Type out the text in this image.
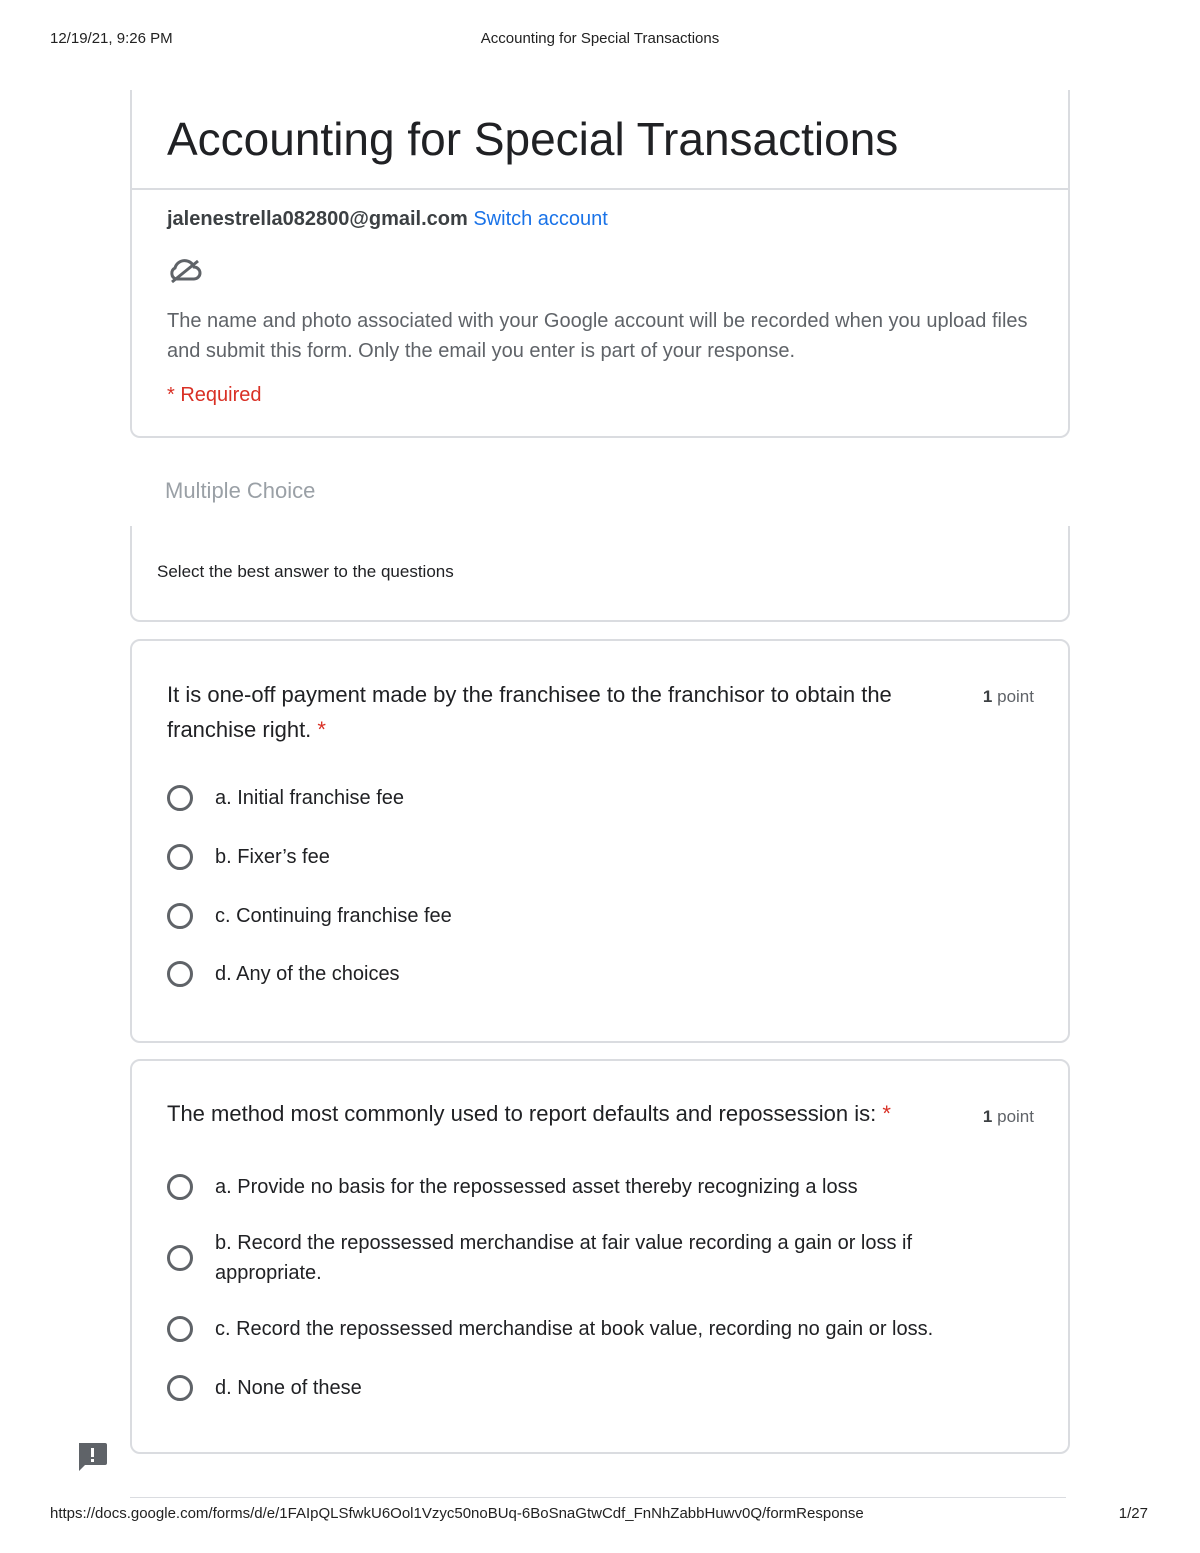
12/19/21, 9:26 PM	Accounting for Special Transactions
Accounting for Special Transactions
jalenestrella082800@gmail.com Switch account
The name and photo associated with your Google account will be recorded when you upload files and submit this form. Only the email you enter is part of your response.
* Required
Multiple Choice
Select the best answer to the questions
It is one-off payment made by the franchisee to the franchisor to obtain the franchise right. *
1 point
a. Initial franchise fee
b. Fixer’s fee
c. Continuing franchise fee
d. Any of the choices
The method most commonly used to report defaults and repossession is: *	1 point
a. Provide no basis for the repossessed asset thereby recognizing a loss
b. Record the repossessed merchandise at fair value recording a gain or loss if appropriate.
c. Record the repossessed merchandise at book value, recording no gain or loss.
d. None of these
https://docs.google.com/forms/d/e/1FAIpQLSfwkU6Ool1Vzyc50noBUq-6BoSnaGtwCdf_FnNhZabbHuwv0Q/formResponse	1/27
